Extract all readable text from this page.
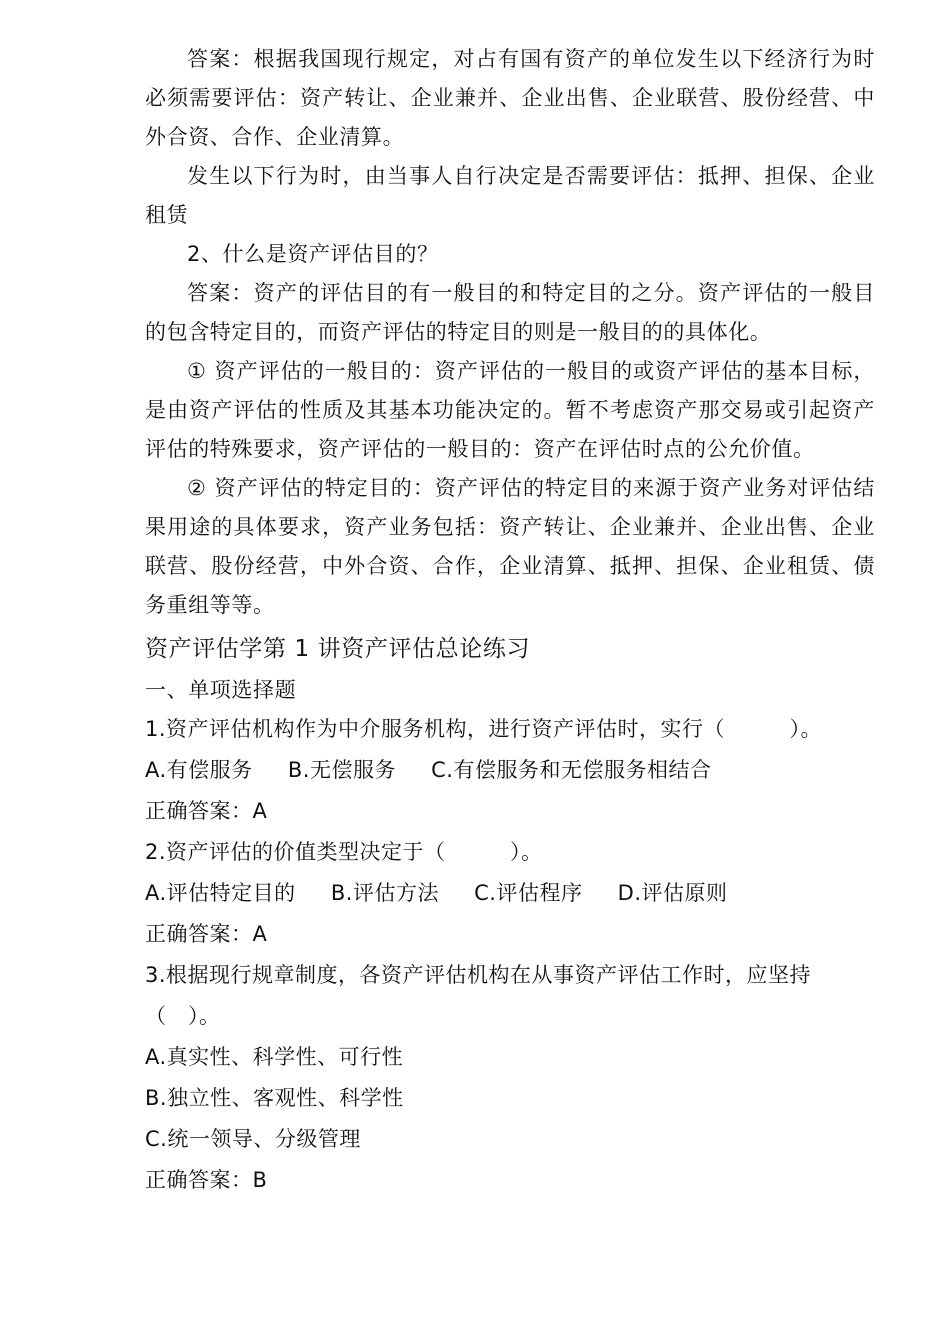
答案：根据我国现行规定，对占有国有资产的单位发生以下经济行为时必须需要评估：资产转让、企业兼并、企业出售、企业联营、股份经营、中外合资、合作、企业清算。

发生以下行为时，由当事人自行决定是否需要评估：抵押、担保、企业租赁

2、什么是资产评估目的？

答案：资产的评估目的有一般目的和特定目的之分。资产评估的一般目的包含特定目的，而资产评估的特定目的则是一般目的的具体化。

① 资产评估的一般目的：资产评估的一般目的或资产评估的基本目标，是由资产评估的性质及其基本功能决定的。暂不考虑资产那交易或引起资产评估的特殊要求，资产评估的一般目的：资产在评估时点的公允价值。

② 资产评估的特定目的：资产评估的特定目的来源于资产业务对评估结果用途的具体要求，资产业务包括：资产转让、企业兼并、企业出售、企业联营、股份经营，中外合资、合作，企业清算、抵押、担保、企业租赁、债务重组等等。

资产评估学第 1 讲资产评估总论练习
一、单项选择题
1.资产评估机构作为中介服务机构，进行资产评估时，实行（　　　）。
A.有偿服务 B.无偿服务 C.有偿服务和无偿服务相结合
正确答案：A
2.资产评估的价值类型决定于（　　　）。
A.评估特定目的 B.评估方法 C.评估程序 D.评估原则
正确答案：A
3.根据现行规章制度，各资产评估机构在从事资产评估工作时，应坚持（　）。
A.真实性、科学性、可行性
B.独立性、客观性、科学性
C.统一领导、分级管理
正确答案：B
